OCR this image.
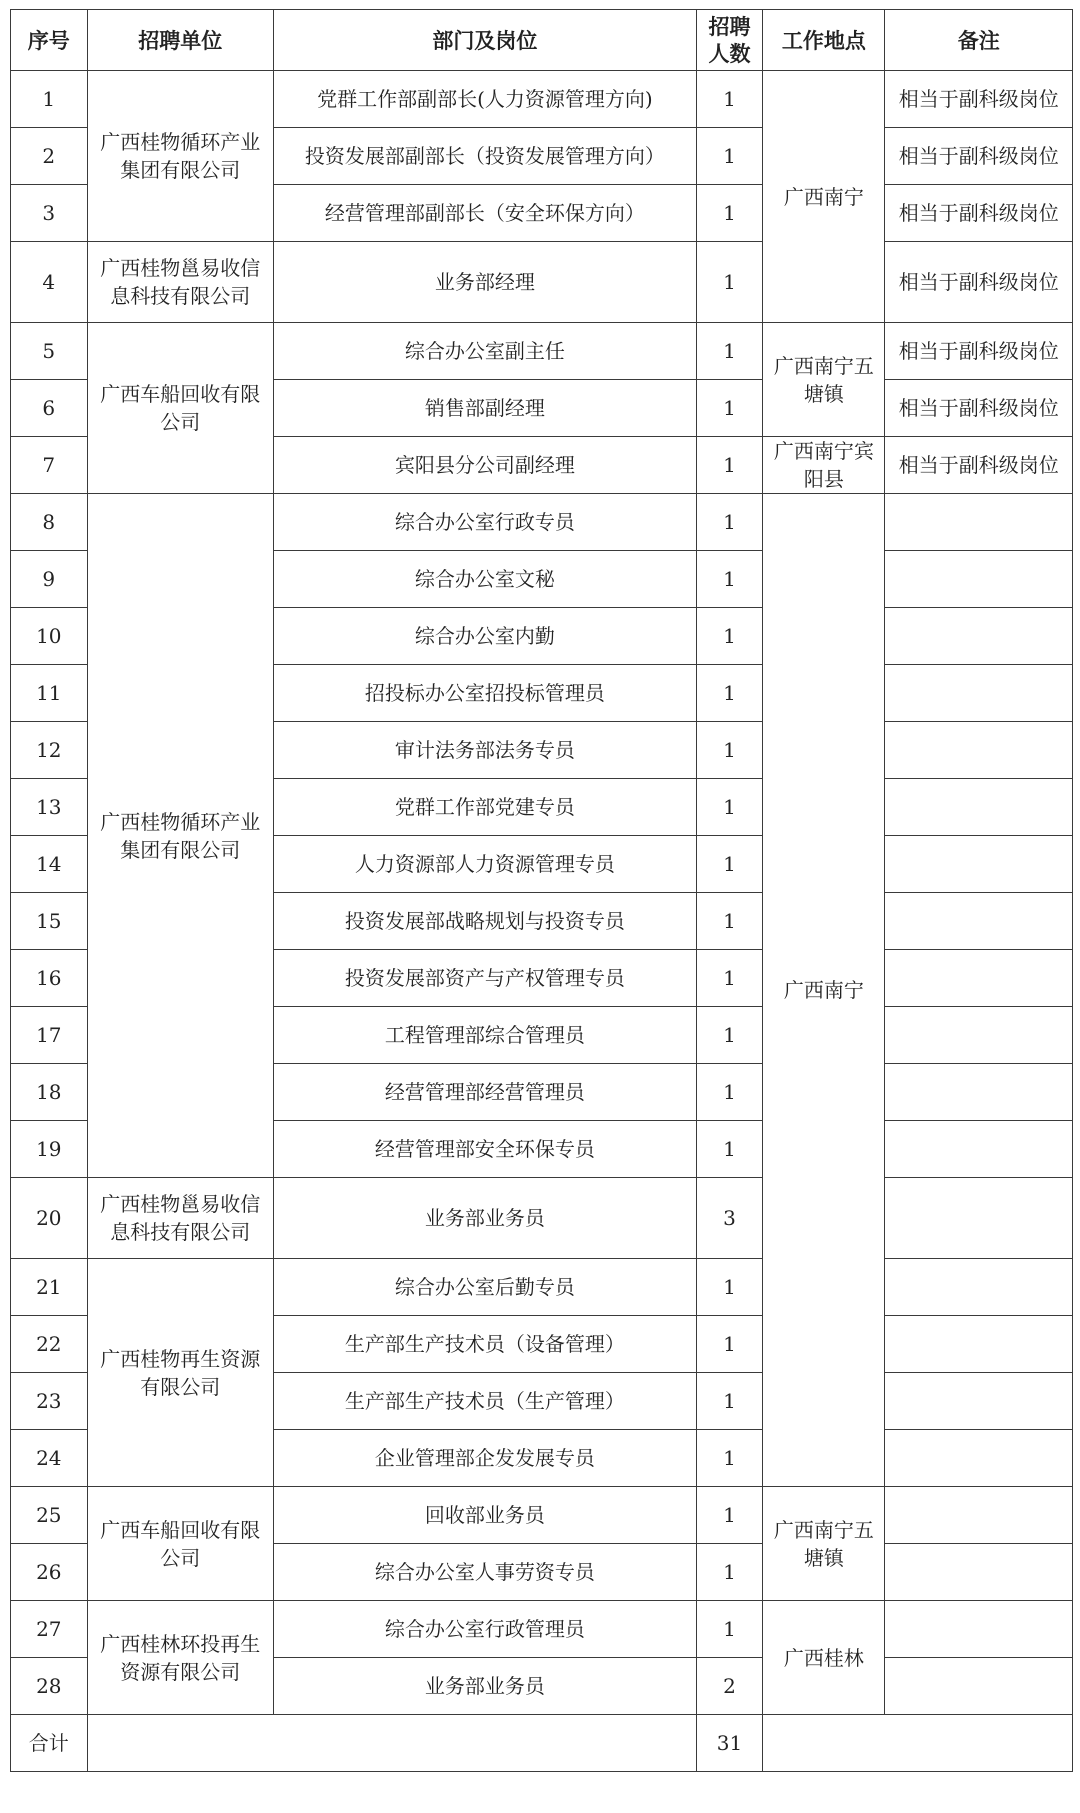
序号	招聘单位	部门及岗位	招聘人数	工作地点	备注
1	广西桂物循环产业集团有限公司	党群工作部副部长(人力资源管理方向)	1	广西南宁	相当于副科级岗位
2		投资发展部副部长（投资发展管理方向）	1		相当于副科级岗位
3		经营管理部副部长（安全环保方向）	1		相当于副科级岗位
4	广西桂物邕易收信息科技有限公司	业务部经理	1		相当于副科级岗位
5	广西车船回收有限公司	综合办公室副主任	1	广西南宁五塘镇	相当于副科级岗位
6		销售部副经理	1		相当于副科级岗位
7		宾阳县分公司副经理	1	广西南宁宾阳县	相当于副科级岗位
8	广西桂物循环产业集团有限公司	综合办公室行政专员	1	广西南宁	
9		综合办公室文秘	1		
10		综合办公室内勤	1		
11		招投标办公室招投标管理员	1		
12		审计法务部法务专员	1		
13		党群工作部党建专员	1		
14		人力资源部人力资源管理专员	1		
15		投资发展部战略规划与投资专员	1		
16		投资发展部资产与产权管理专员	1		
17		工程管理部综合管理员	1		
18		经营管理部经营管理员	1		
19		经营管理部安全环保专员	1		
20	广西桂物邕易收信息科技有限公司	业务部业务员	3		
21	广西桂物再生资源有限公司	综合办公室后勤专员	1		
22		生产部生产技术员（设备管理）	1		
23		生产部生产技术员（生产管理）	1		
24		企业管理部企发发展专员	1		
25	广西车船回收有限公司	回收部业务员	1	广西南宁五塘镇	
26		综合办公室人事劳资专员	1		
27	广西桂林环投再生资源有限公司	综合办公室行政管理员	1	广西桂林	
28		业务部业务员	2		
合计			31		
